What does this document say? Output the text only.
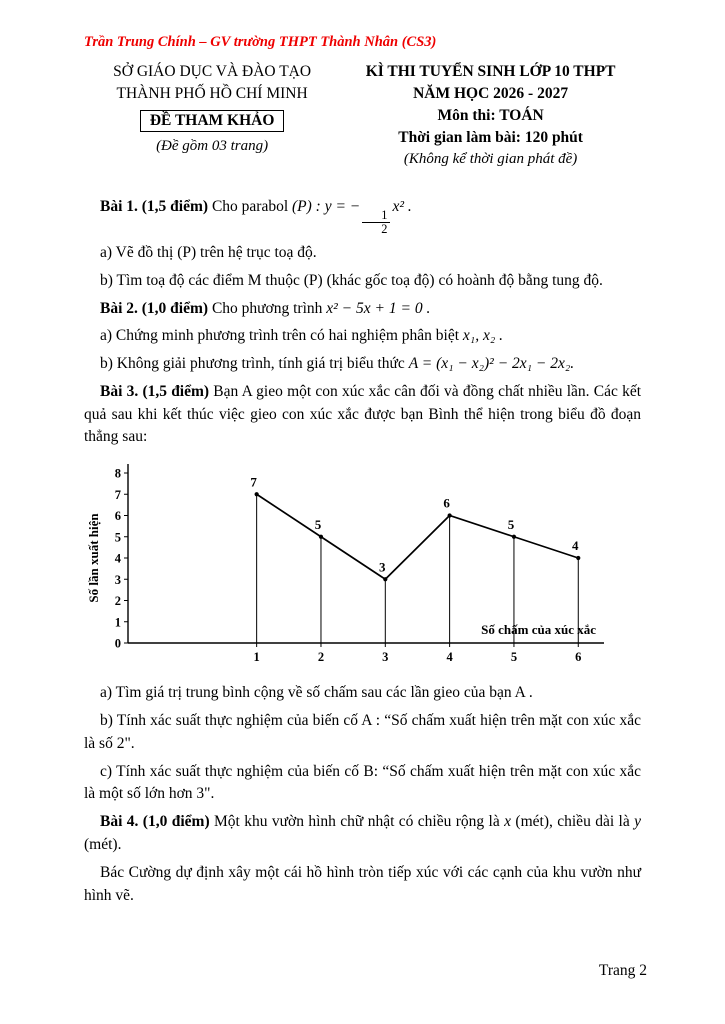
Trần Trung Chính – GV trường THPT Thành Nhân (CS3)
SỞ GIÁO DỤC VÀ ĐÀO TẠO
THÀNH PHỐ HỒ CHÍ MINH
ĐỀ THAM KHẢO
(Đề gồm 03 trang)
KÌ THI TUYỂN SINH LỚP 10 THPT
NĂM HỌC 2026 - 2027
Môn thi: TOÁN
Thời gian làm bài: 120 phút
(Không kể thời gian phát đề)

Bài 1. (1,5 điểm) Cho parabol (P) : y = −
$\frac{1}{2}$
x² .

a) Vẽ đồ thị (P) trên hệ trục toạ độ.

b) Tìm toạ độ các điểm M thuộc (P) (khác gốc toạ độ) có hoành độ bằng tung độ.

Bài 2. (1,0 điểm) Cho phương trình x² − 5x + 1 = 0 .

a) Chứng minh phương trình trên có hai nghiệm phân biệt x₁, x₂ .

b) Không giải phương trình, tính giá trị biểu thức A = (x₁ − x₂)² − 2x₁ − 2x₂.

Bài 3. (1,5 điểm) Bạn A gieo một con xúc xắc cân đối và đồng chất nhiều lần. Các kết quả sau khi kết thúc việc gieo con xúc xắc được bạn Bình thể hiện trong biểu đồ đoạn thẳng sau:

0
1
2
3
4
5
6
7
8
1	2	3	4	5	6
Số chấm của xúc xắc
7
5
3
6
5
4
Số lần xuất hiện

a) Tìm giá trị trung bình cộng về số chấm sau các lần gieo của bạn A .

b) Tính xác suất thực nghiệm của biến cố A : “Số chấm xuất hiện trên mặt con xúc xắc là số 2".

c) Tính xác suất thực nghiệm của biến cố B: “Số chấm xuất hiện trên mặt con xúc xắc là một số lớn hơn 3".

Bài 4. (1,0 điểm) Một khu vườn hình chữ nhật có chiều rộng là x (mét), chiều dài là y (mét).

Bác Cường dự định xây một cái hồ hình tròn tiếp xúc với các cạnh của khu vườn như hình vẽ.

Trang 2
